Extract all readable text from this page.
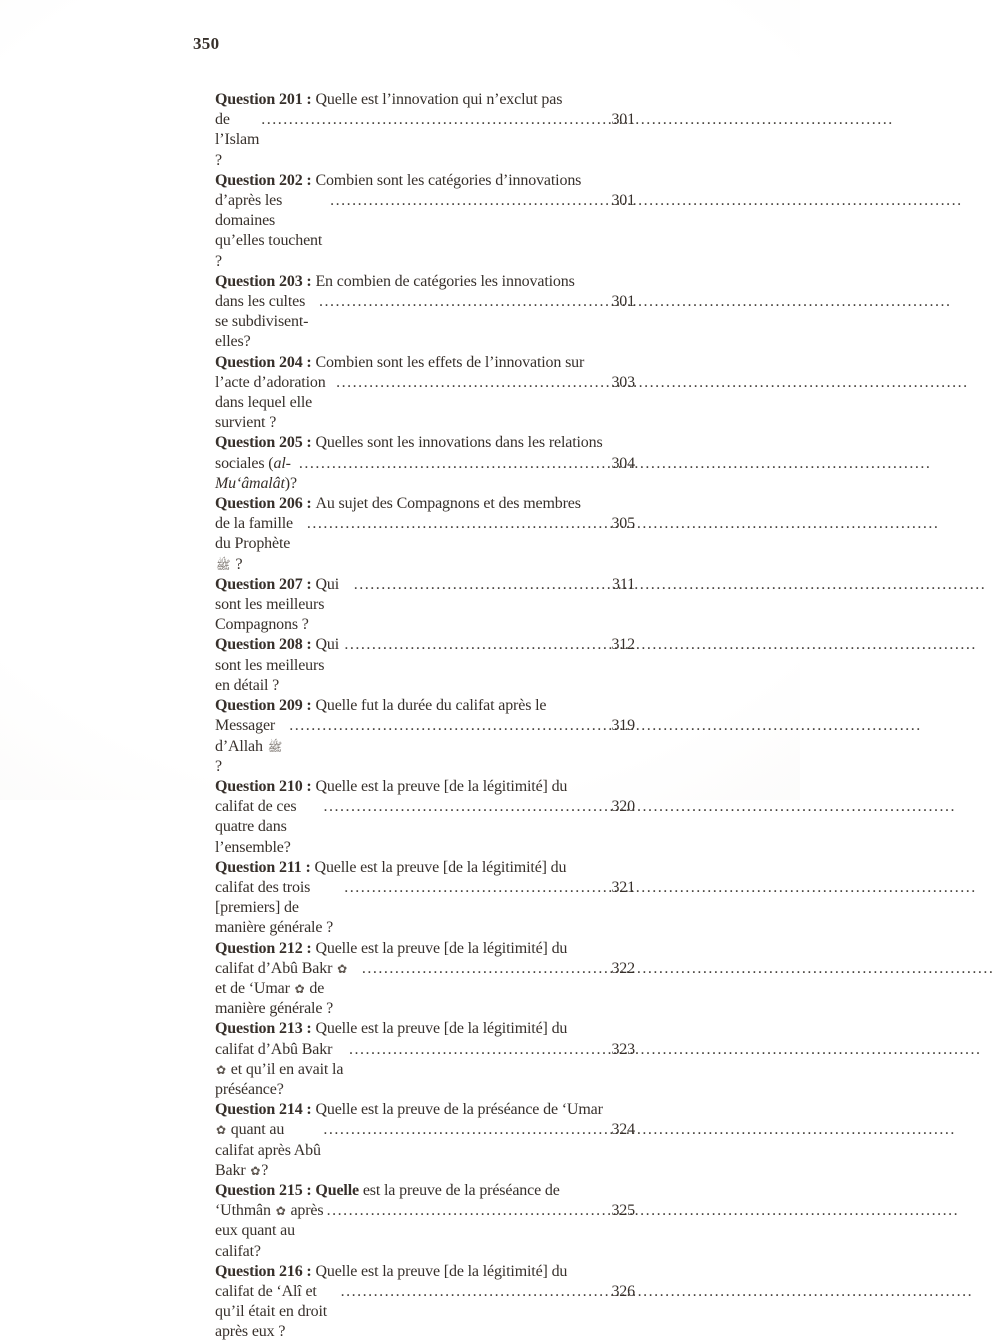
350
Question 201 : Quelle est l’innovation qui n’exclut pas
de l’Islam ?
.....
301
Question 202 : Combien sont les catégories d’innovations
d’après les domaines qu’elles touchent ?
.....
301
Question 203 : En combien de catégories les innovations
dans les cultes se subdivisent-elles?
.....
301
Question 204 : Combien sont les effets de l’innovation sur
l’acte d’adoration dans lequel elle survient ?
.....
303
Question 205 : Quelles sont les innovations dans les relations
sociales (al-Mu‘âmalât)?
.....
304
Question 206 : Au sujet des Compagnons et des membres
de la famille du Prophète ﷺ ?
.....
305
Question 207 : Qui sont les meilleurs Compagnons ?
.....
311
Question 208 : Qui sont les meilleurs en détail ?
.....
312
Question 209 : Quelle fut la durée du califat après le
Messager d’Allah ﷺ ?
.....
319
Question 210 : Quelle est la preuve [de la légitimité] du
califat de ces quatre dans l’ensemble?
.....
320
Question 211 : Quelle est la preuve [de la légitimité] du
califat des trois [premiers] de manière générale ?
.....
321
Question 212 : Quelle est la preuve [de la légitimité] du
califat d’Abû Bakr ✿ et de ‘Umar ✿ de manière générale ?
.....
322
Question 213 : Quelle est la preuve [de la légitimité] du
califat d’Abû Bakr ✿ et qu’il en avait la préséance?
.....
323
Question 214 : Quelle est la preuve de la préséance de ‘Umar
✿ quant au califat après Abû Bakr ✿?
.....
324
Question 215 : Quelle est la preuve de la préséance de
‘Uthmân ✿ après eux quant au califat?
.....
325
Question 216 : Quelle est la preuve [de la légitimité] du
califat de ‘Alî et qu’il était en droit après eux ?
.....
326
